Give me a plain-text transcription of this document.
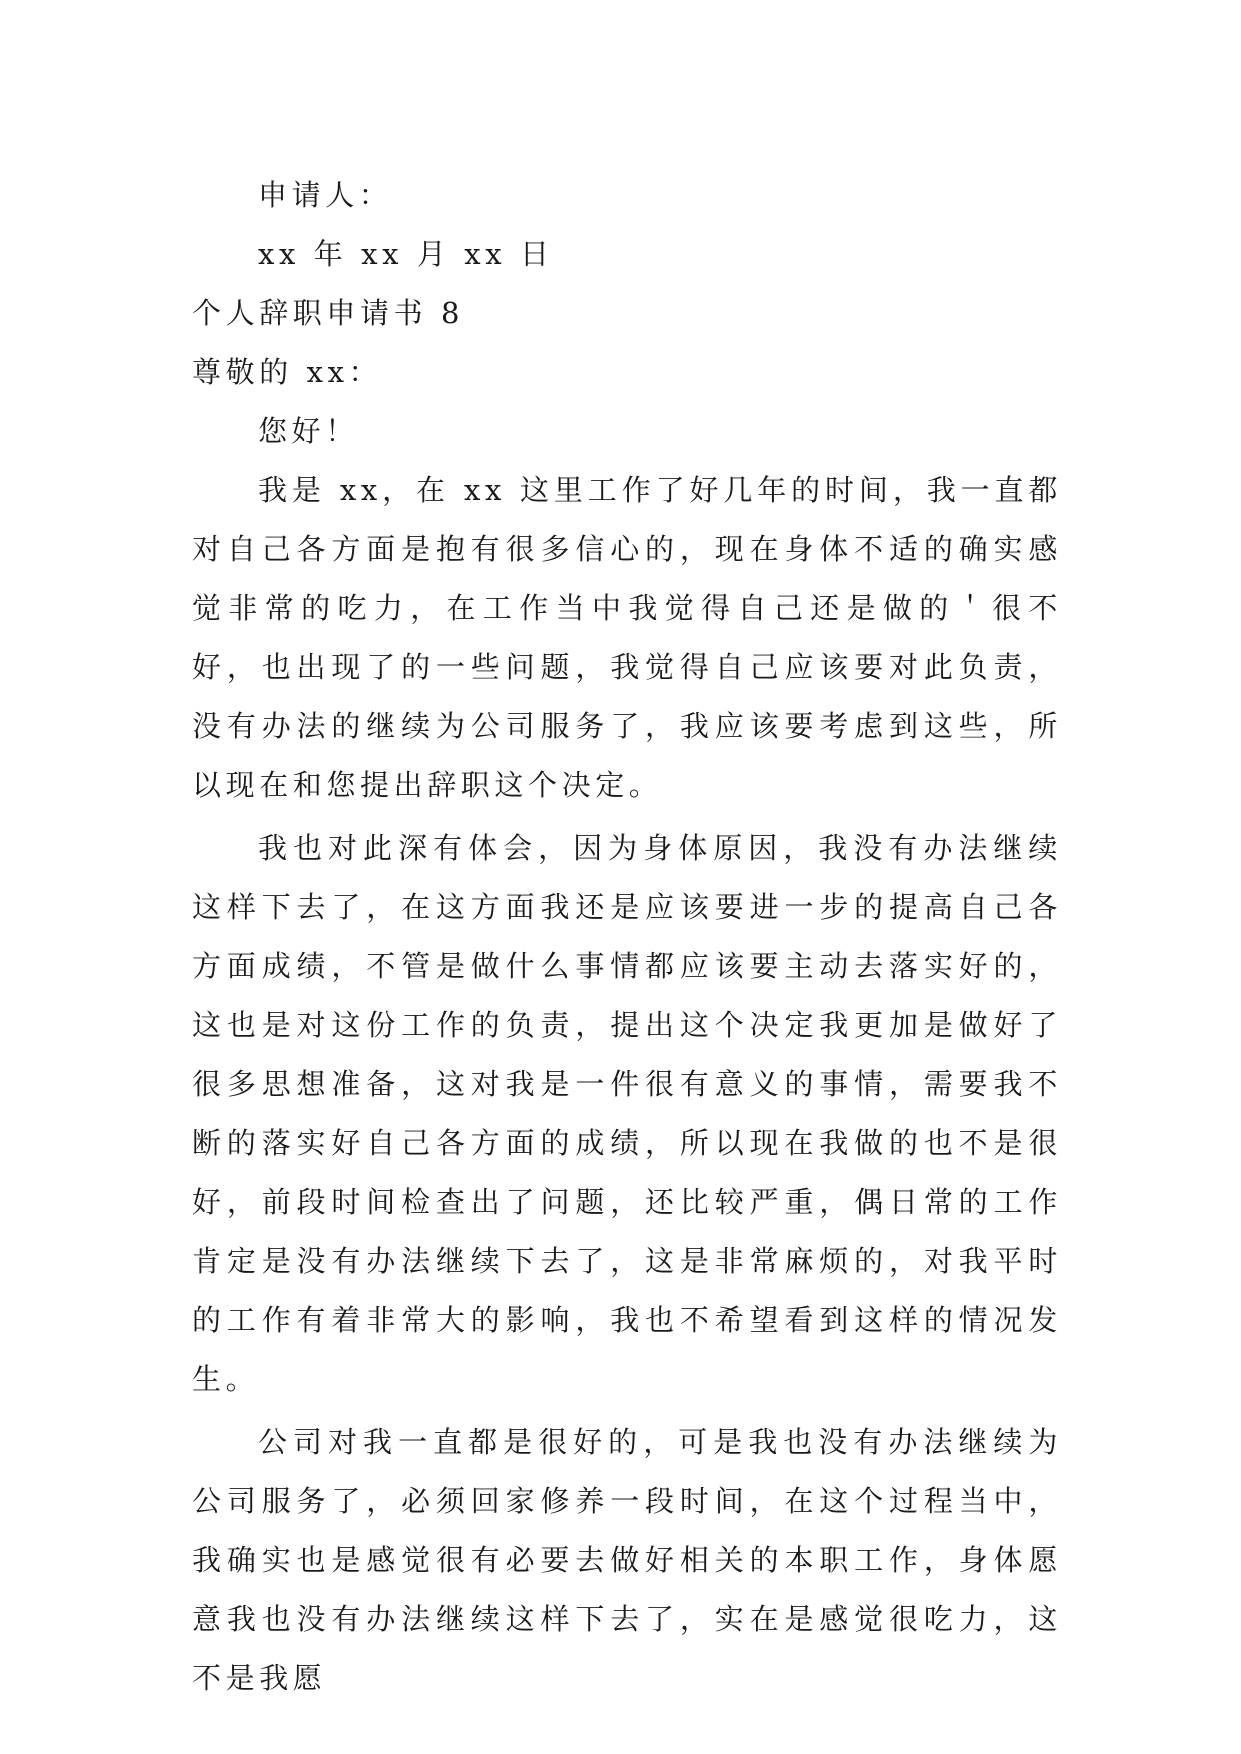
申请人：
xx 年 xx 月 xx 日
个人辞职申请书 8
尊敬的 xx：
您好！

我是 xx，在 xx 这里工作了好几年的时间，我一直都对自己各方面是抱有很多信心的，现在身体不适的确实感觉非常的吃力，在工作当中我觉得自己还是做的＇很不好，也出现了的一些问题，我觉得自己应该要对此负责，没有办法的继续为公司服务了，我应该要考虑到这些，所以现在和您提出辞职这个决定。

我也对此深有体会，因为身体原因，我没有办法继续这样下去了，在这方面我还是应该要进一步的提高自己各方面成绩，不管是做什么事情都应该要主动去落实好的，这也是对这份工作的负责，提出这个决定我更加是做好了很多思想准备，这对我是一件很有意义的事情，需要我不断的落实好自己各方面的成绩，所以现在我做的也不是很好，前段时间检查出了问题，还比较严重，偶日常的工作肯定是没有办法继续下去了，这是非常麻烦的，对我平时的工作有着非常大的影响，我也不希望看到这样的情况发生。

公司对我一直都是很好的，可是我也没有办法继续为公司服务了，必须回家修养一段时间，在这个过程当中，我确实也是感觉很有必要去做好相关的本职工作，身体愿意我也没有办法继续这样下去了，实在是感觉很吃力，这不是我愿
